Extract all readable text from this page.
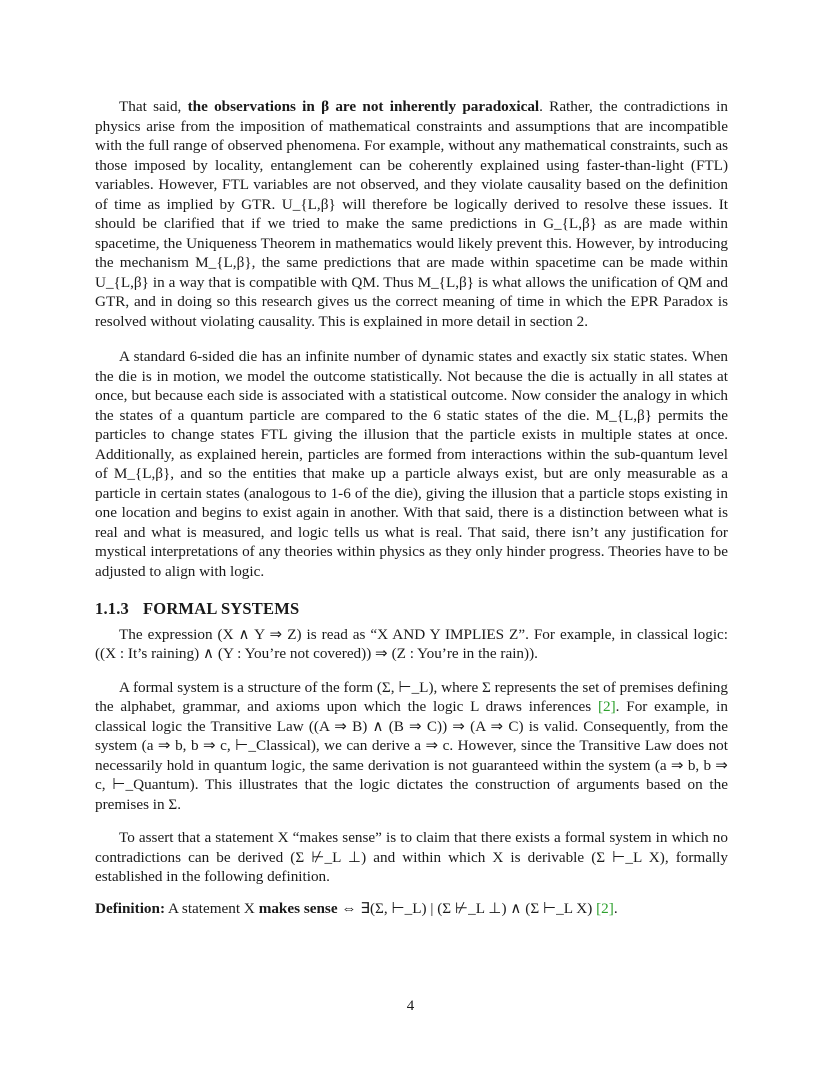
That said, the observations in β are not inherently paradoxical. Rather, the contradictions in physics arise from the imposition of mathematical constraints and assumptions that are incompatible with the full range of observed phenomena. For example, without any mathematical constraints, such as those imposed by locality, entanglement can be coherently explained using faster-than-light (FTL) variables. However, FTL variables are not observed, and they violate causality based on the definition of time as implied by GTR. U_{L,β} will therefore be logically derived to resolve these issues. It should be clarified that if we tried to make the same predictions in G_{L,β} as are made within spacetime, the Uniqueness Theorem in mathematics would likely prevent this. However, by introducing the mechanism M_{L,β}, the same predictions that are made within spacetime can be made within U_{L,β} in a way that is compatible with QM. Thus M_{L,β} is what allows the unification of QM and GTR, and in doing so this research gives us the correct meaning of time in which the EPR Paradox is resolved without violating causality. This is explained in more detail in section 2.

A standard 6-sided die has an infinite number of dynamic states and exactly six static states. When the die is in motion, we model the outcome statistically. Not because the die is actually in all states at once, but because each side is associated with a statistical outcome. Now consider the analogy in which the states of a quantum particle are compared to the 6 static states of the die. M_{L,β} permits the particles to change states FTL giving the illusion that the particle exists in multiple states at once. Additionally, as explained herein, particles are formed from interactions within the sub-quantum level of M_{L,β}, and so the entities that make up a particle always exist, but are only measurable as a particle in certain states (analogous to 1-6 of the die), giving the illusion that a particle stops existing in one location and begins to exist again in another. With that said, there is a distinction between what is real and what is measured, and logic tells us what is real. That said, there isn’t any justification for mystical interpretations of any theories within physics as they only hinder progress. Theories have to be adjusted to align with logic.

1.1.3 FORMAL SYSTEMS

The expression (X ∧ Y ⇒ Z) is read as “X AND Y IMPLIES Z”. For example, in classical logic: ((X : It’s raining) ∧ (Y : You’re not covered)) ⇒ (Z : You’re in the rain)).

A formal system is a structure of the form (Σ, ⊢_L), where Σ represents the set of premises defining the alphabet, grammar, and axioms upon which the logic L draws inferences [2]. For example, in classical logic the Transitive Law ((A ⇒ B) ∧ (B ⇒ C)) ⇒ (A ⇒ C) is valid. Consequently, from the system (a ⇒ b, b ⇒ c, ⊢_Classical), we can derive a ⇒ c. However, since the Transitive Law does not necessarily hold in quantum logic, the same derivation is not guaranteed within the system (a ⇒ b, b ⇒ c, ⊢_Quantum). This illustrates that the logic dictates the construction of arguments based on the premises in Σ.

To assert that a statement X “makes sense” is to claim that there exists a formal system in which no contradictions can be derived (Σ ⊬_L ⊥) and within which X is derivable (Σ ⊢_L X), formally established in the following definition.

Definition: A statement X makes sense ⇔ ∃(Σ, ⊢_L) | (Σ ⊬_L ⊥) ∧ (Σ ⊢_L X) [2].

4
